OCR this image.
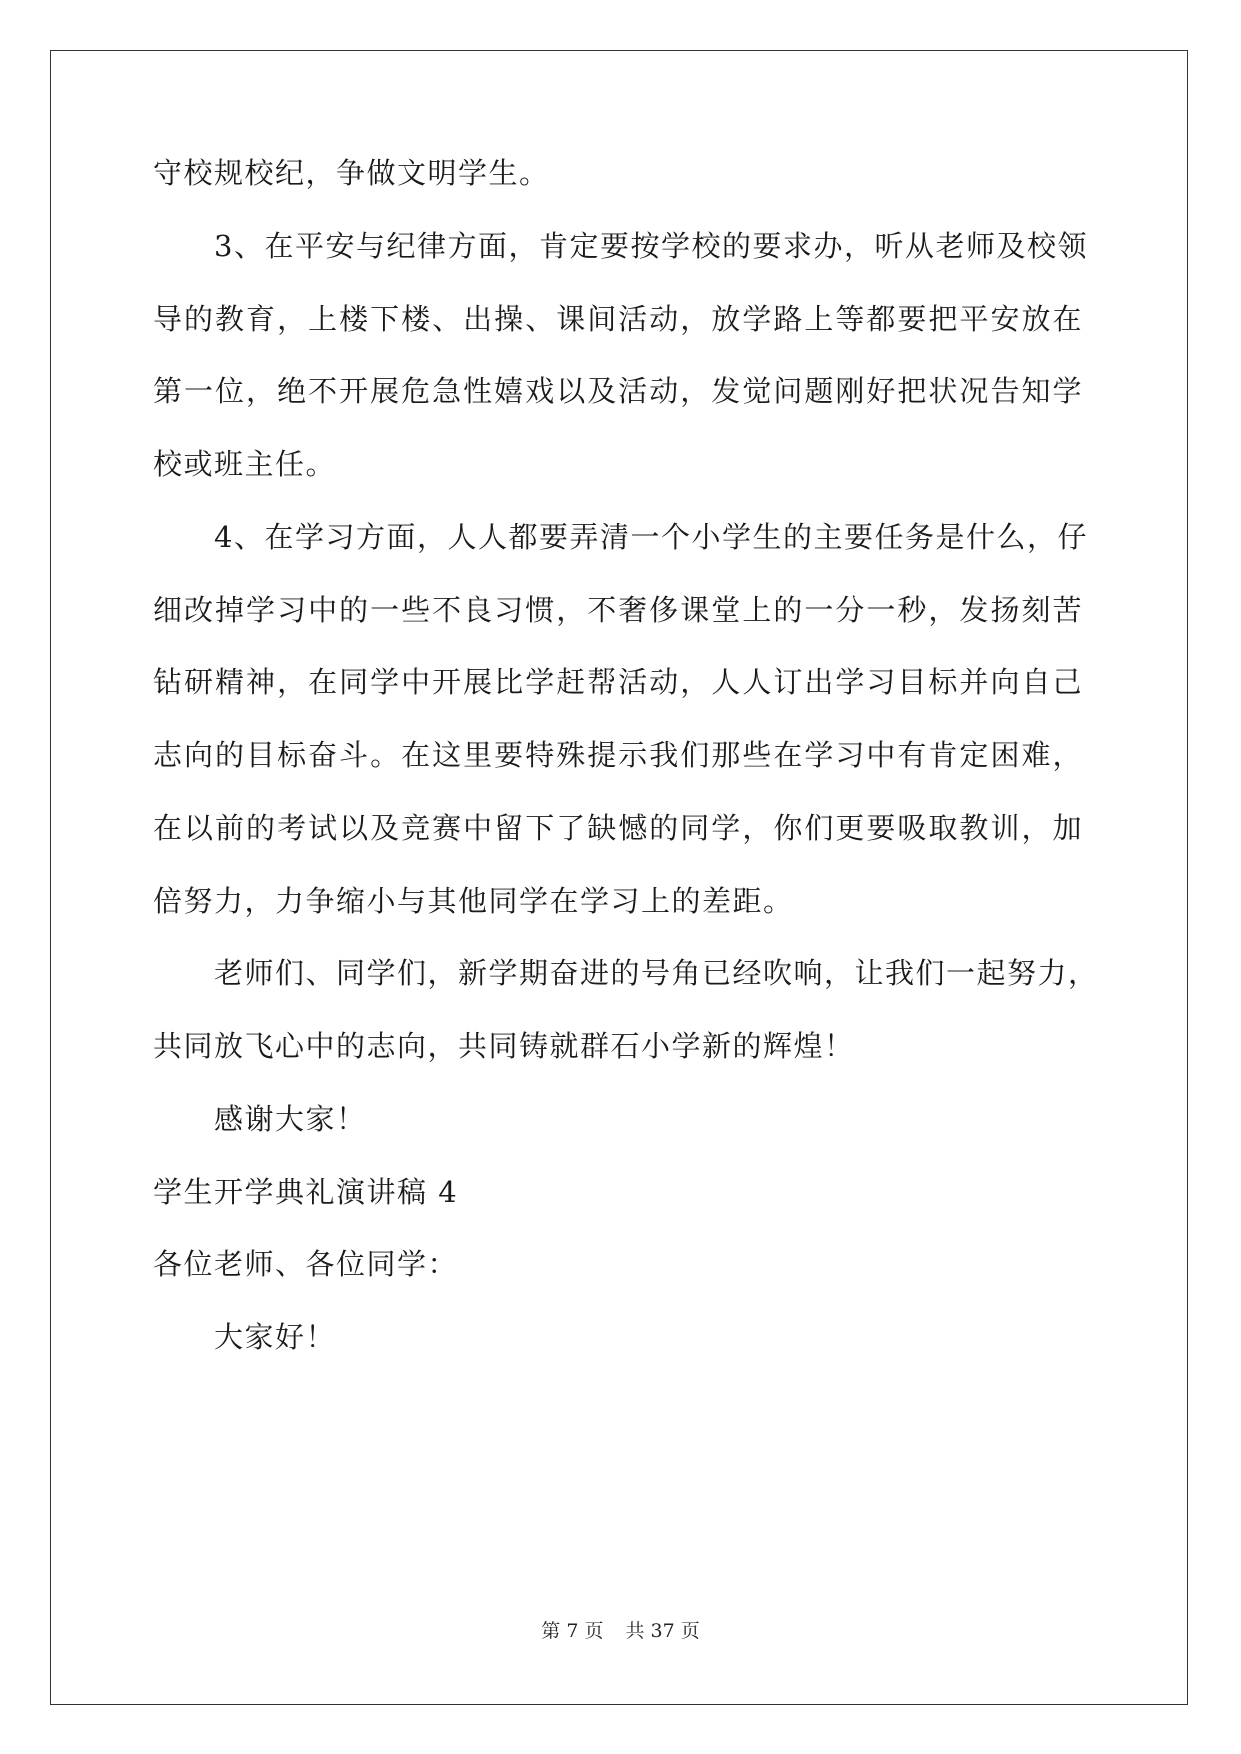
守校规校纪，争做文明学生。
3、在平安与纪律方面，肯定要按学校的要求办，听从老师及校领
导的教育，上楼下楼、出操、课间活动，放学路上等都要把平安放在
第一位，绝不开展危急性嬉戏以及活动，发觉问题刚好把状况告知学
校或班主任。
4、在学习方面，人人都要弄清一个小学生的主要任务是什么，仔
细改掉学习中的一些不良习惯，不奢侈课堂上的一分一秒，发扬刻苦
钻研精神，在同学中开展比学赶帮活动，人人订出学习目标并向自己
志向的目标奋斗。在这里要特殊提示我们那些在学习中有肯定困难，
在以前的考试以及竞赛中留下了缺憾的同学，你们更要吸取教训，加
倍努力，力争缩小与其他同学在学习上的差距。
老师们、同学们，新学期奋进的号角已经吹响，让我们一起努力，
共同放飞心中的志向，共同铸就群石小学新的辉煌！
感谢大家！
学生开学典礼演讲稿 4
各位老师、各位同学：
大家好！
第 7 页 共 37 页
